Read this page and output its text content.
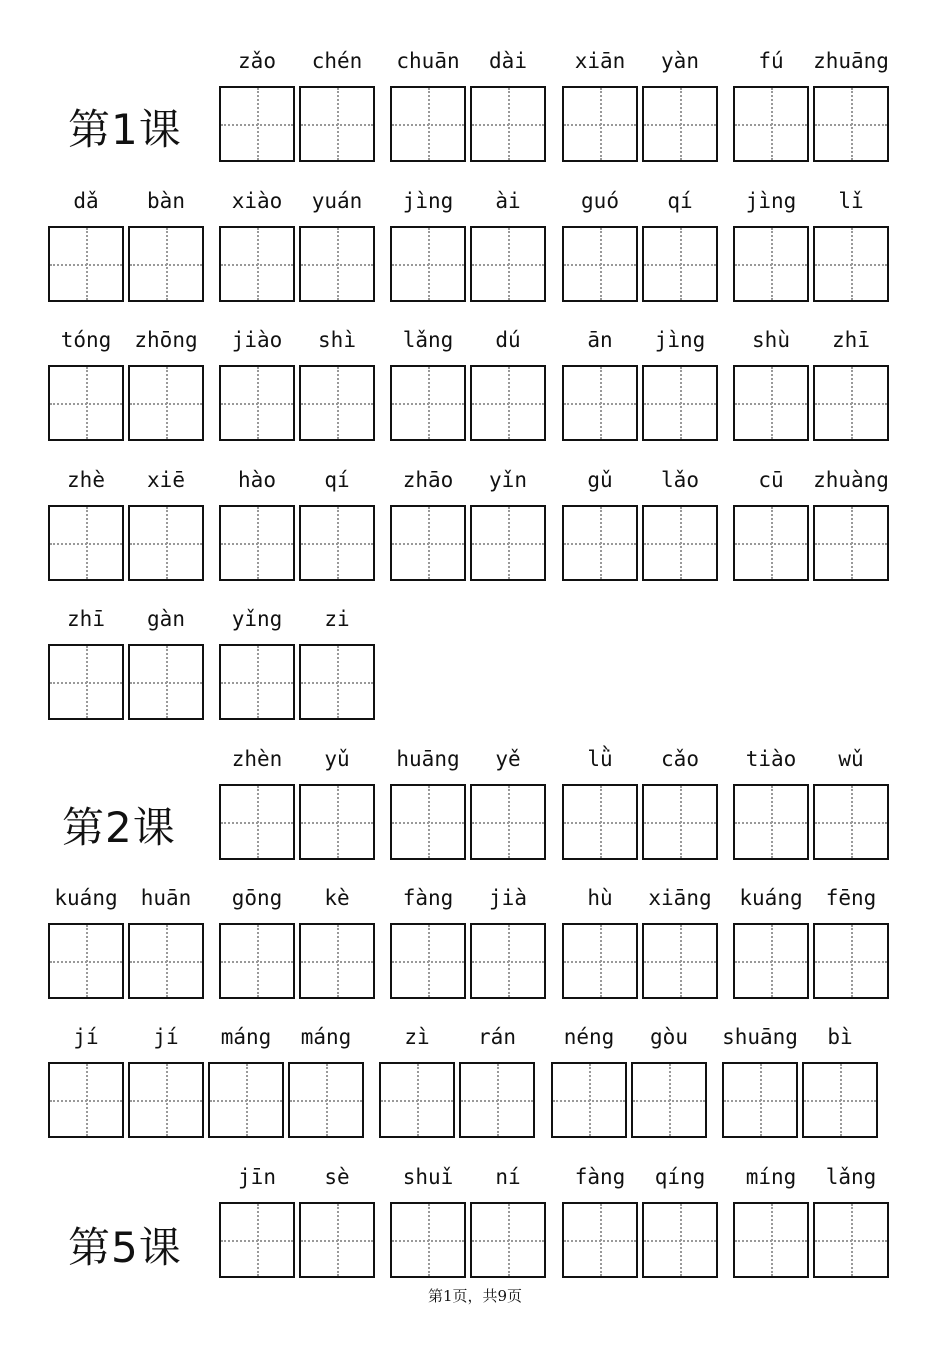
第1课
zǎo	chén	chuān	dài	xiān	yàn	fú	zhuāng
dǎ	bàn	xiào	yuán	jìng	ài	guó	qí	jìng	lǐ
tóng	zhōng	jiào	shì	lǎng	dú	ān	jìng	shù	zhī
zhè	xiē	hào	qí	zhāo	yǐn	gǔ	lǎo	cū	zhuàng
zhī	gàn	yǐng	zi
第2课
zhèn	yǔ	huāng	yě	lǜ	cǎo	tiào	wǔ
kuáng	huān	gōng	kè	fàng	jià	hù	xiāng	kuáng	fēng
jí	jí	máng	máng	zì	rán	néng	gòu	shuāng	bì
第5课
jīn	sè	shuǐ	ní	fàng	qíng	míng	lǎng
第1页，共9页
